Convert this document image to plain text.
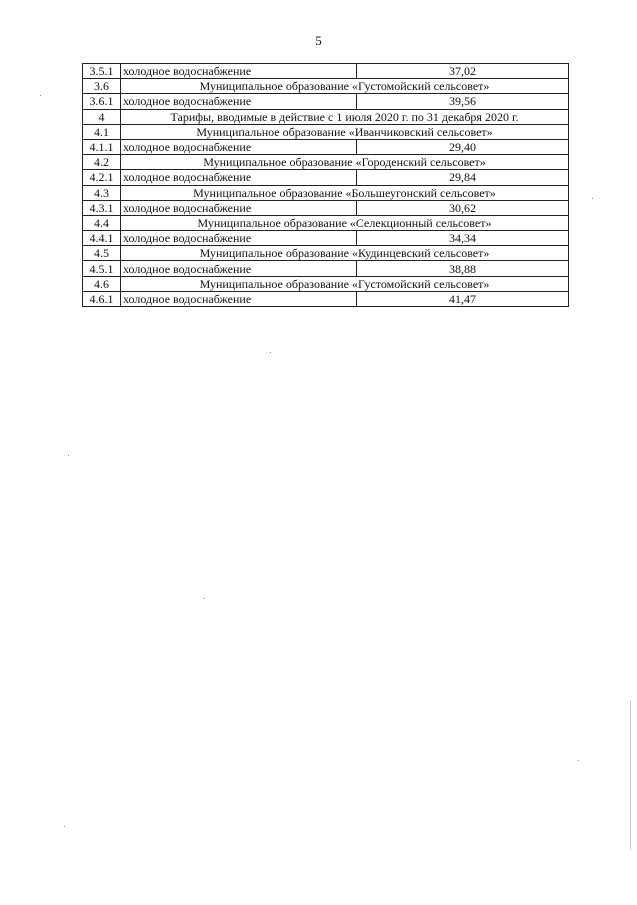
5
3.5.1	холодное водоснабжение	37,02
3.6	Муниципальное образование «Густомойский сельсовет»	
3.6.1	холодное водоснабжение	39,56
4	Тарифы, вводимые в действие с 1 июля 2020 г. по 31 декабря 2020 г.	
4.1	Муниципальное образование «Иванчиковский сельсовет»	
4.1.1	холодное водоснабжение	29,40
4.2	Муниципальное образование «Городенский сельсовет»	
4.2.1	холодное водоснабжение	29,84
4.3	Муниципальное образование «Большеугонский сельсовет»	
4.3.1	холодное водоснабжение	30,62
4.4	Муниципальное образование «Селекционный сельсовет»	
4.4.1	холодное водоснабжение	34,34
4.5	Муниципальное образование «Кудинцевский сельсовет»	
4.5.1	холодное водоснабжение	38,88
4.6	Муниципальное образование «Густомойский сельсовет»	
4.6.1	холодное водоснабжение	41,47
